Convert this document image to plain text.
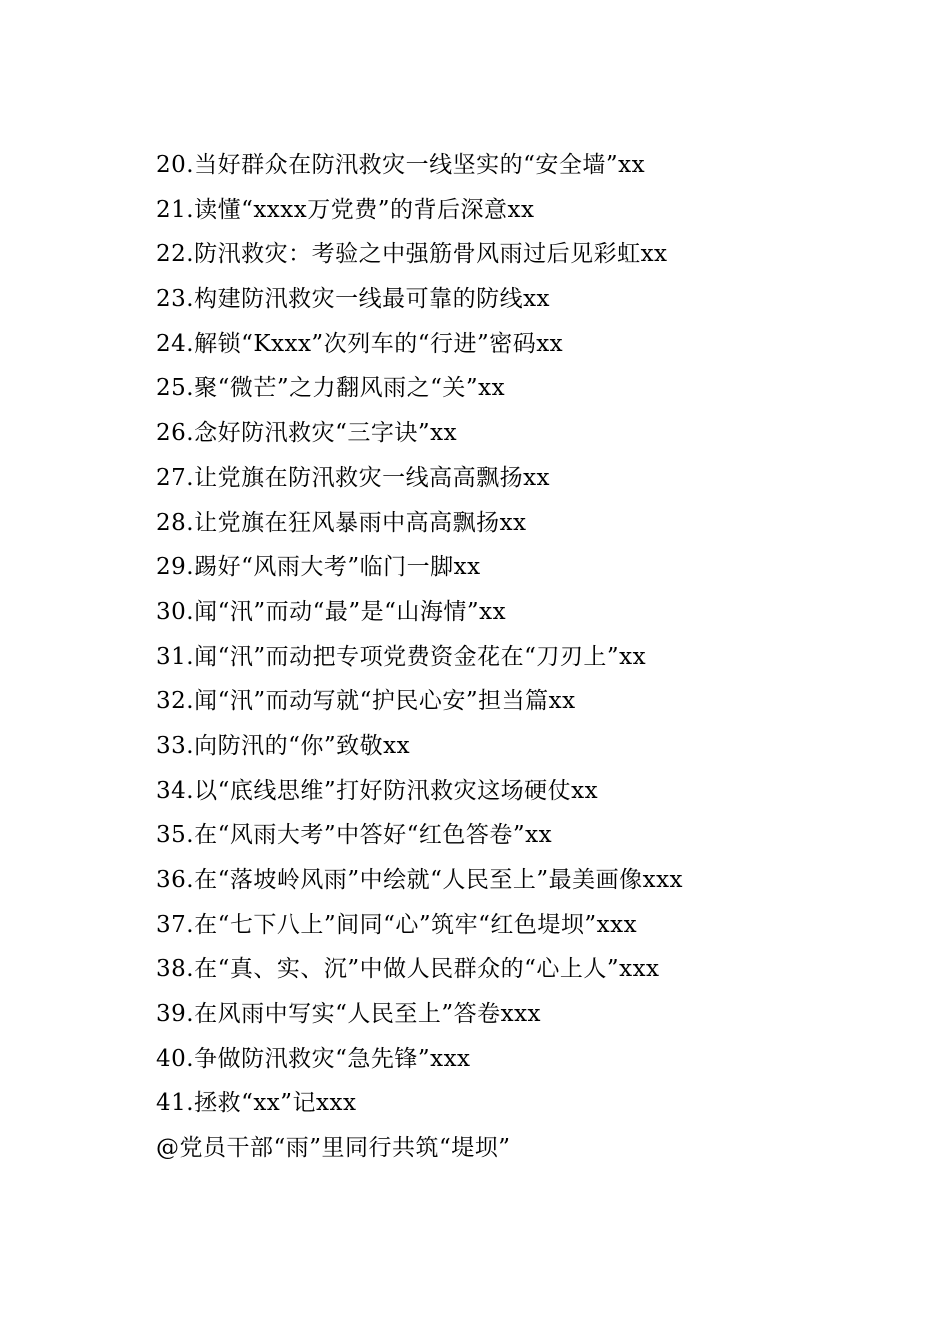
20.当好群众在防汛救灾一线坚实的“安全墙”xx
21.读懂“xxxx万党费”的背后深意xx
22.防汛救灾：考验之中强筋骨风雨过后见彩虹xx
23.构建防汛救灾一线最可靠的防线xx
24.解锁“Kxxx”次列车的“行进”密码xx
25.聚“微芒”之力翻风雨之“关”xx
26.念好防汛救灾“三字诀”xx
27.让党旗在防汛救灾一线高高飘扬xx
28.让党旗在狂风暴雨中高高飘扬xx
29.踢好“风雨大考”临门一脚xx
30.闻“汛”而动“最”是“山海情”xx
31.闻“汛”而动把专项党费资金花在“刀刃上”xx
32.闻“汛”而动写就“护民心安”担当篇xx
33.向防汛的“你”致敬xx
34.以“底线思维”打好防汛救灾这场硬仗xx
35.在“风雨大考”中答好“红色答卷”xx
36.在“落坡岭风雨”中绘就“人民至上”最美画像xxx
37.在“七下八上”间同“心”筑牢“红色堤坝”xxx
38.在“真、实、沉”中做人民群众的“心上人”xxx
39.在风雨中写实“人民至上”答卷xxx
40.争做防汛救灾“急先锋”xxx
41.拯救“xx”记xxx
@党员干部“雨”里同行共筑“堤坝”
